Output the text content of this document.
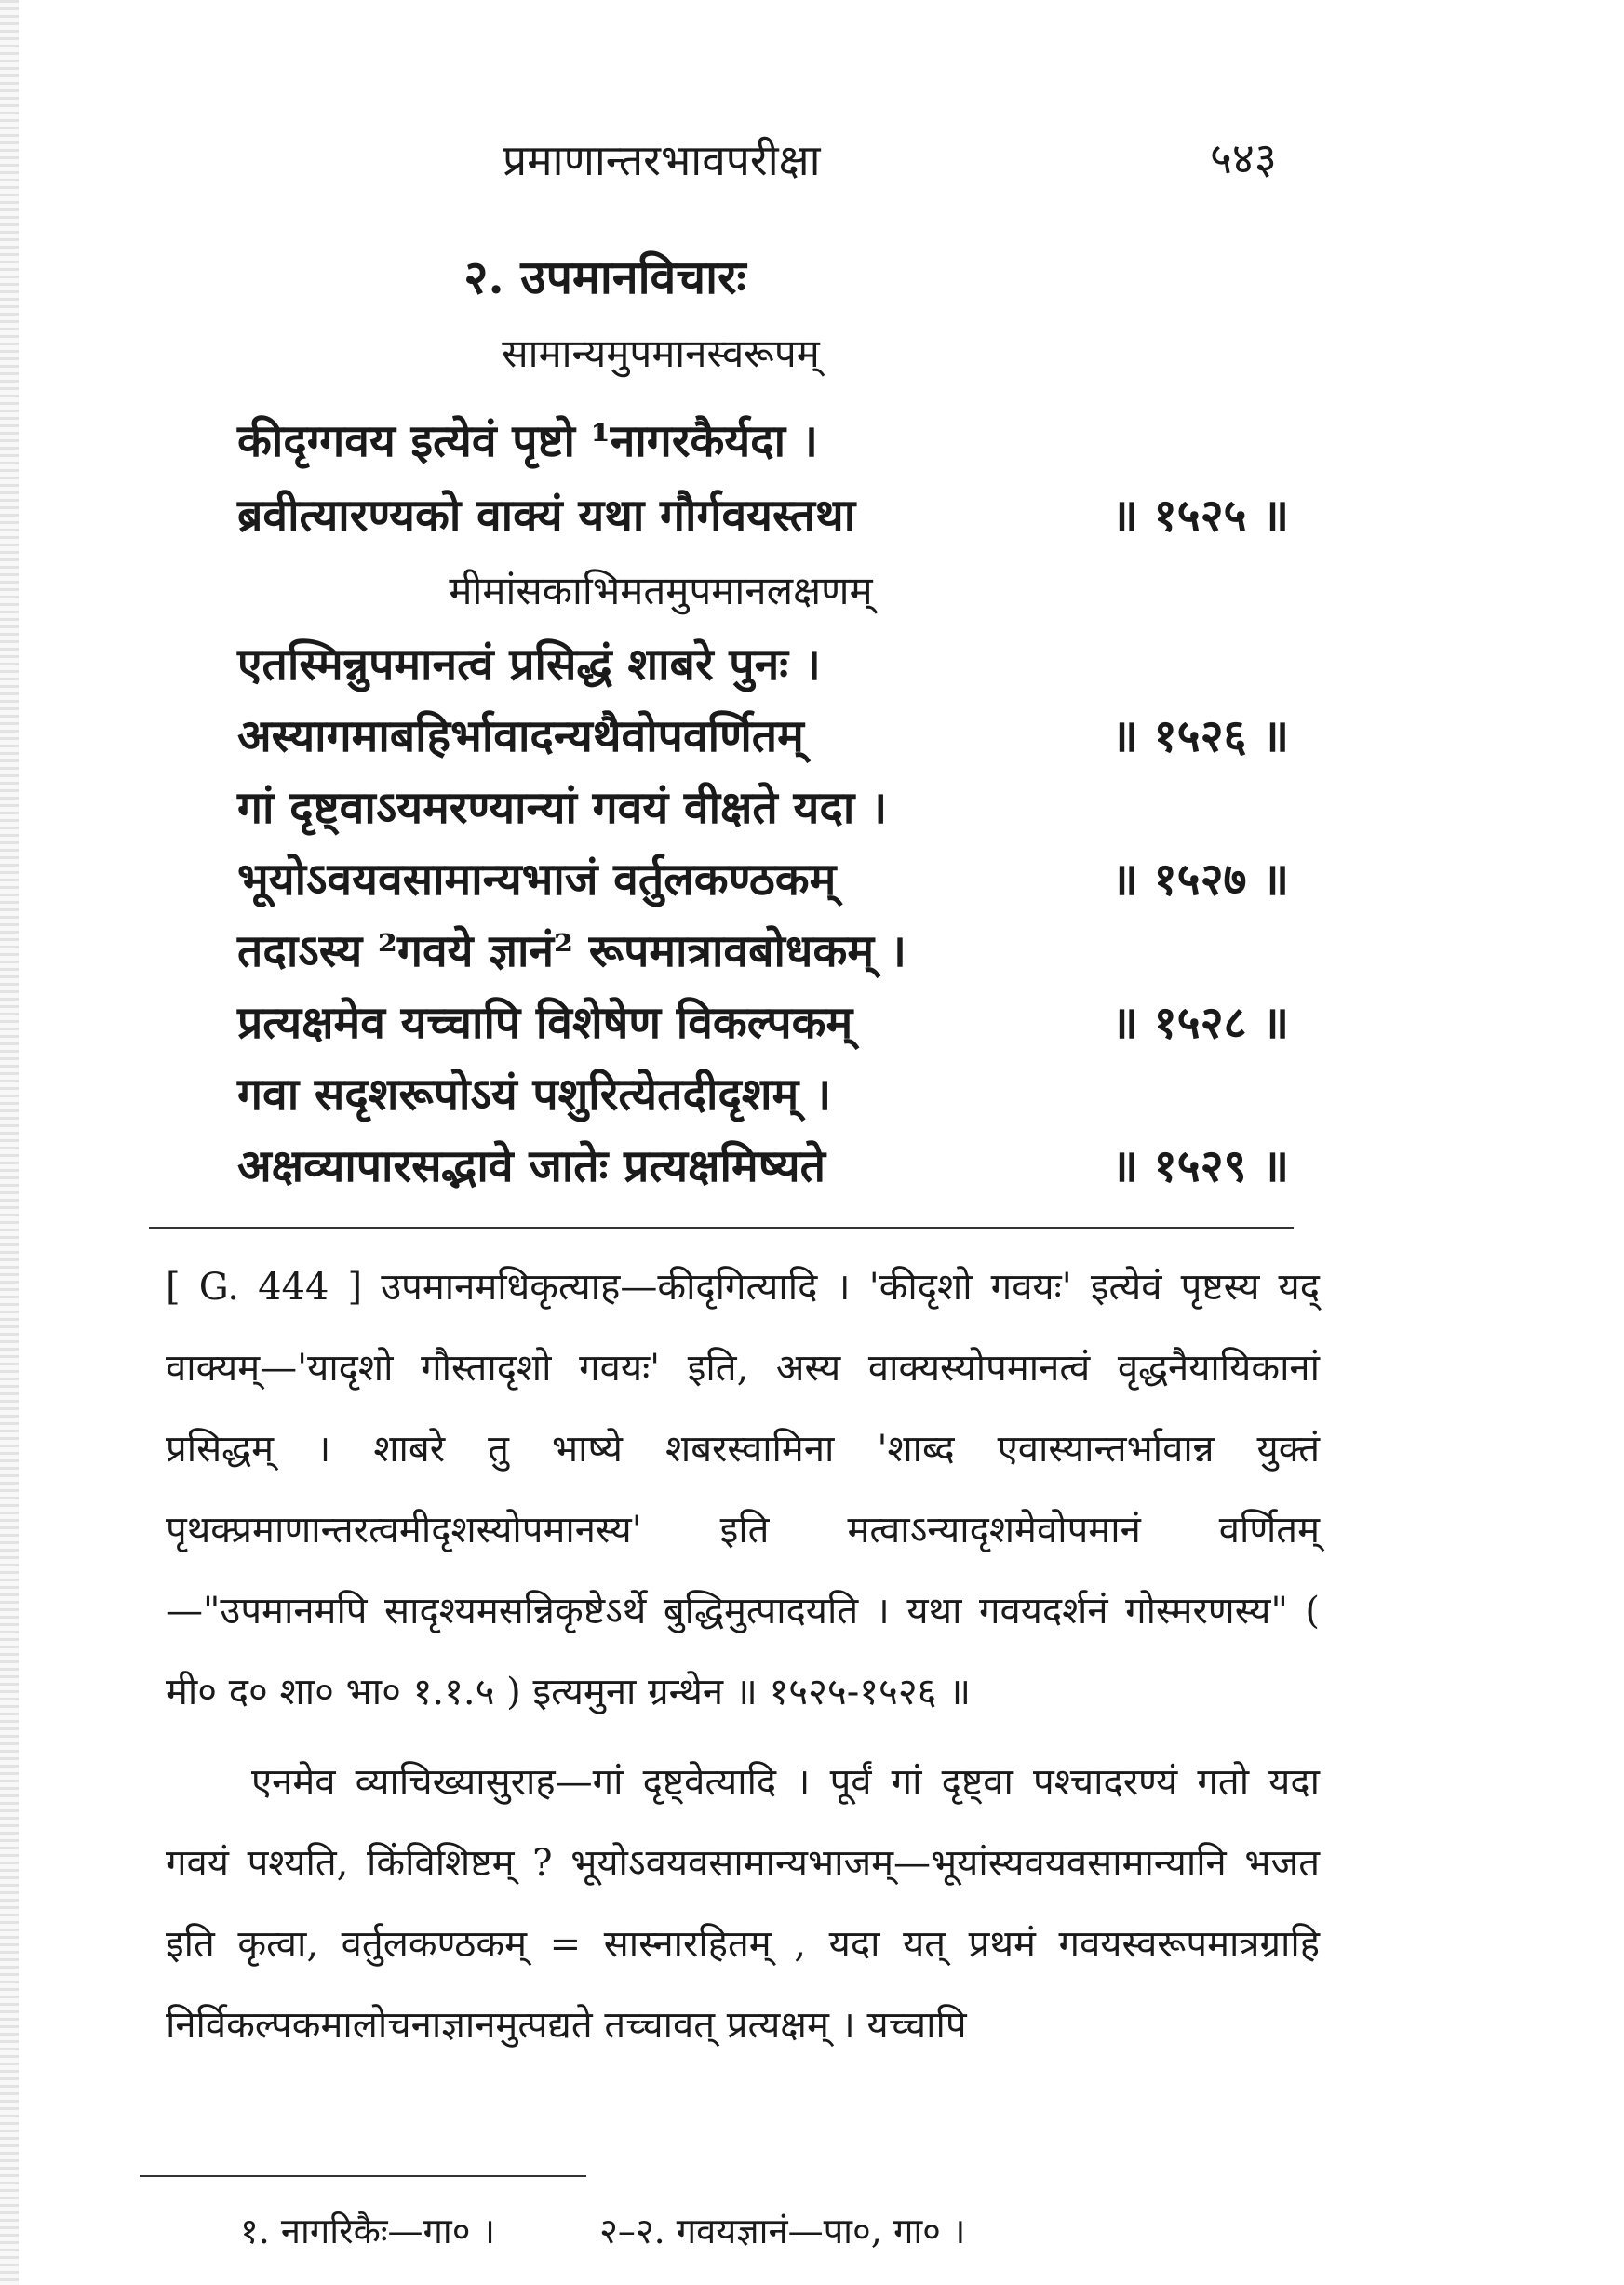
प्रमाणान्तरभावपरीक्षा	५४३
२. उपमानविचारः
सामान्यमुपमानस्वरूपम्
कीदृग्गवय इत्येवं पृष्टो ¹नागरकैर्यदा ।
ब्रवीत्यारण्यको वाक्यं यथा गौर्गवयस्तथा	॥ १५२५ ॥
मीमांसकाभिमतमुपमानलक्षणम्
एतस्मिन्नुपमानत्वं प्रसिद्धं शाबरे पुनः ।
अस्यागमाबहिर्भावादन्यथैवोपवर्णितम्	॥ १५२६ ॥
गां दृष्ट्वाऽयमरण्यान्यां गवयं वीक्षते यदा ।
भूयोऽवयवसामान्यभाजं वर्तुलकण्ठकम्	॥ १५२७ ॥
तदाऽस्य ²गवये ज्ञानं² रूपमात्रावबोधकम् ।
प्रत्यक्षमेव यच्चापि विशेषेण विकल्पकम्	॥ १५२८ ॥
गवा सदृशरूपोऽयं पशुरित्येतदीदृशम् ।
अक्षव्यापारसद्भावे जातेः प्रत्यक्षमिष्यते	॥ १५२९ ॥

[ G. 444 ] उपमानमधिकृत्याह—कीदृगित्यादि । 'कीदृशो गवयः' इत्येवं पृष्टस्य यद् वाक्यम्—'यादृशो गौस्तादृशो गवयः' इति, अस्य वाक्यस्योपमानत्वं वृद्धनैयायिकानां प्रसिद्धम् । शाबरे तु भाष्ये शबरस्वामिना 'शाब्द एवास्यान्तर्भावान्न युक्तं पृथक्प्रमाणान्तरत्वमीदृशस्योपमानस्य' इति मत्वाऽन्यादृशमेवोपमानं वर्णितम्—"उपमानमपि सादृश्यमसन्निकृष्टेऽर्थे बुद्धिमुत्पादयति । यथा गवयदर्शनं गोस्मरणस्य" ( मी० द० शा० भा० १.१.५ ) इत्यमुना ग्रन्थेन ॥ १५२५-१५२६ ॥

एनमेव व्याचिख्यासुराह—गां दृष्ट्वेत्यादि । पूर्वं गां दृष्ट्वा पश्चादरण्यं गतो यदा गवयं पश्यति, किंविशिष्टम् ? भूयोऽवयवसामान्यभाजम्—भूयांस्यवयवसामान्यानि भजत इति कृत्वा, वर्तुलकण्ठकम् = सास्नारहितम् , यदा यत् प्रथमं गवयस्वरूपमात्रग्राहि निर्विकल्पकमालोचनाज्ञानमुत्पद्यते तच्चावत् प्रत्यक्षम् । यच्चापि

१. नागरिकैः—गा० ।	२–२. गवयज्ञानं—पा०, गा० ।
